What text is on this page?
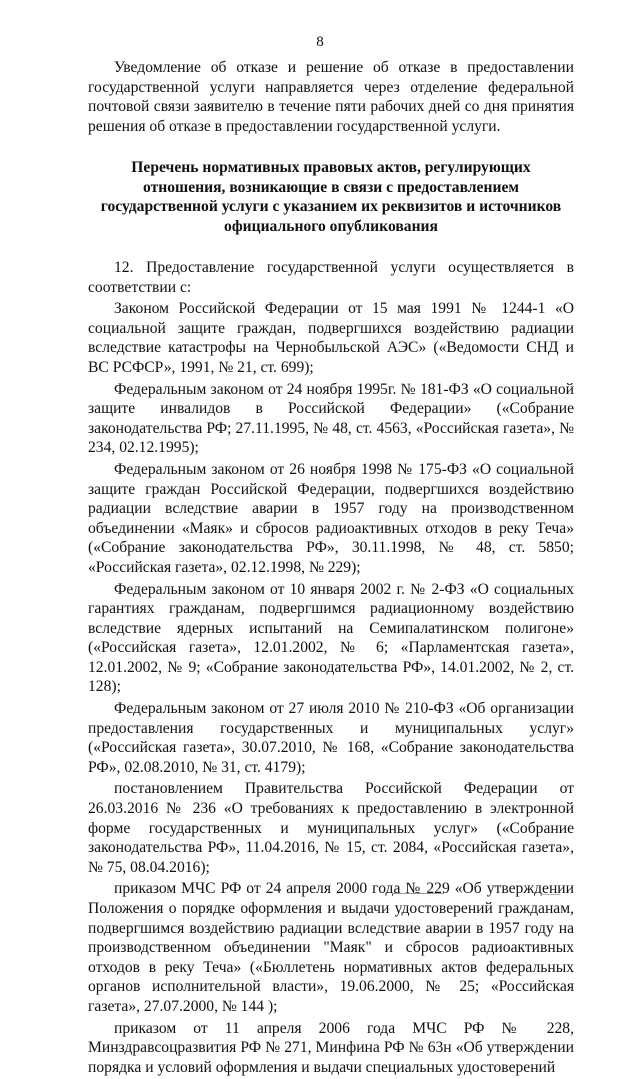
8

Уведомление об отказе и решение об отказе в предоставлении государственной услуги направляется через отделение федеральной почтовой связи заявителю в течение пяти рабочих дней со дня принятия решения об отказе в предоставлении государственной услуги.

Перечень нормативных правовых актов, регулирующих отношения, возникающие в связи с предоставлением государственной услуги с указанием их реквизитов и источников официального опубликования

12. Предоставление государственной услуги осуществляется в соответствии с:

Законом Российской Федерации от 15 мая 1991 № 1244-1 «О социальной защите граждан, подвергшихся воздействию радиации вследствие катастрофы на Чернобыльской АЭС» («Ведомости СНД и ВС РСФСР», 1991, № 21, ст. 699);

Федеральным законом от 24 ноября 1995г. № 181-ФЗ «О социальной защите инвалидов в Российской Федерации» («Собрание законодательства РФ; 27.11.1995, № 48, ст. 4563, «Российская газета», № 234, 02.12.1995);

Федеральным законом от 26 ноября 1998 № 175-ФЗ «О социальной защите граждан Российской Федерации, подвергшихся воздействию радиации вследствие аварии в 1957 году на производственном объединении «Маяк» и сбросов радиоактивных отходов в реку Теча» («Собрание законодательства РФ», 30.11.1998, № 48, ст. 5850; «Российская газета», 02.12.1998, № 229);

Федеральным законом от 10 января 2002 г. № 2-ФЗ «О социальных гарантиях гражданам, подвергшимся радиационному воздействию вследствие ядерных испытаний на Семипалатинском полигоне» («Российская газета», 12.01.2002, № 6; «Парламентская газета», 12.01.2002, № 9; «Собрание законодательства РФ», 14.01.2002, № 2, ст. 128);

Федеральным законом от 27 июля 2010 № 210-ФЗ «Об организации предоставления государственных и муниципальных услуг» («Российская газета», 30.07.2010, № 168, «Собрание законодательства РФ», 02.08.2010, № 31, ст. 4179);

постановлением Правительства Российской Федерации от 26.03.2016 № 236 «О требованиях к предоставлению в электронной форме государственных и муниципальных услуг» («Собрание законодательства РФ», 11.04.2016, № 15, ст. 2084, «Российская газета», № 75, 08.04.2016);

приказом МЧС РФ от 24 апреля 2000 года № 229 «Об утверждении Положения о порядке оформления и выдачи удостоверений гражданам, подвергшимся воздействию радиации вследствие аварии в 1957 году на производственном объединении "Маяк" и сбросов радиоактивных отходов в реку Теча» («Бюллетень нормативных актов федеральных органов исполнительной власти», 19.06.2000, № 25; «Российская газета», 27.07.2000, № 144 );

приказом от 11 апреля 2006 года МЧС РФ № 228, Минздравсоцразвития РФ № 271, Минфина РФ № 63н «Об утверждении порядка и условий оформления и выдачи специальных удостоверений
